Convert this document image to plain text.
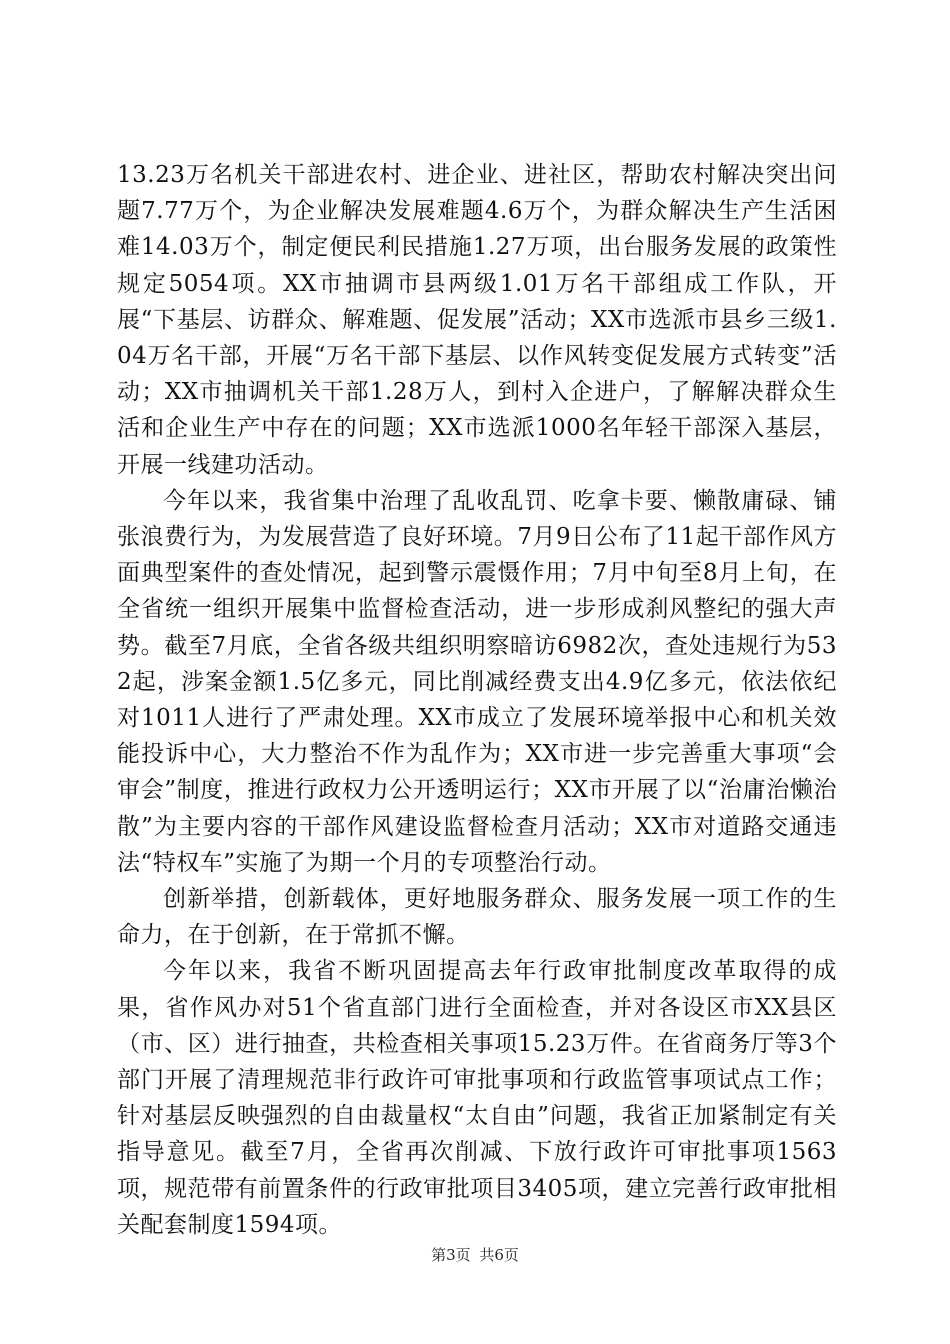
13.23万名机关干部进农村、进企业、进社区，帮助农村解决突出问题7.77万个，为企业解决发展难题4.6万个，为群众解决生产生活困难14.03万个，制定便民利民措施1.27万项，出台服务发展的政策性规定5054项。XX市抽调市县两级1.01万名干部组成工作队，开展“下基层、访群众、解难题、促发展”活动；XX市选派市县乡三级1.04万名干部，开展“万名干部下基层、以作风转变促发展方式转变”活动；XX市抽调机关干部1.28万人，到村入企进户，了解解决群众生活和企业生产中存在的问题；XX市选派1000名年轻干部深入基层，开展一线建功活动。

今年以来，我省集中治理了乱收乱罚、吃拿卡要、懒散庸碌、铺张浪费行为，为发展营造了良好环境。7月9日公布了11起干部作风方面典型案件的查处情况，起到警示震慑作用；7月中旬至8月上旬，在全省统一组织开展集中监督检查活动，进一步形成刹风整纪的强大声势。截至7月底，全省各级共组织明察暗访6982次，查处违规行为532起，涉案金额1.5亿多元，同比削减经费支出4.9亿多元，依法依纪对1011人进行了严肃处理。XX市成立了发展环境举报中心和机关效能投诉中心，大力整治不作为乱作为；XX市进一步完善重大事项“会审会”制度，推进行政权力公开透明运行；XX市开展了以“治庸治懒治散”为主要内容的干部作风建设监督检查月活动；XX市对道路交通违法“特权车”实施了为期一个月的专项整治行动。

创新举措，创新载体，更好地服务群众、服务发展一项工作的生命力，在于创新，在于常抓不懈。

今年以来，我省不断巩固提高去年行政审批制度改革取得的成果，省作风办对51个省直部门进行全面检查，并对各设区市XX县区（市、区）进行抽查，共检查相关事项15.23万件。在省商务厅等3个部门开展了清理规范非行政许可审批事项和行政监管事项试点工作；针对基层反映强烈的自由裁量权“太自由”问题，我省正加紧制定有关指导意见。截至7月，全省再次削减、下放行政许可审批事项1563项，规范带有前置条件的行政审批项目3405项，建立完善行政审批相关配套制度1594项。

第3页 共6页
